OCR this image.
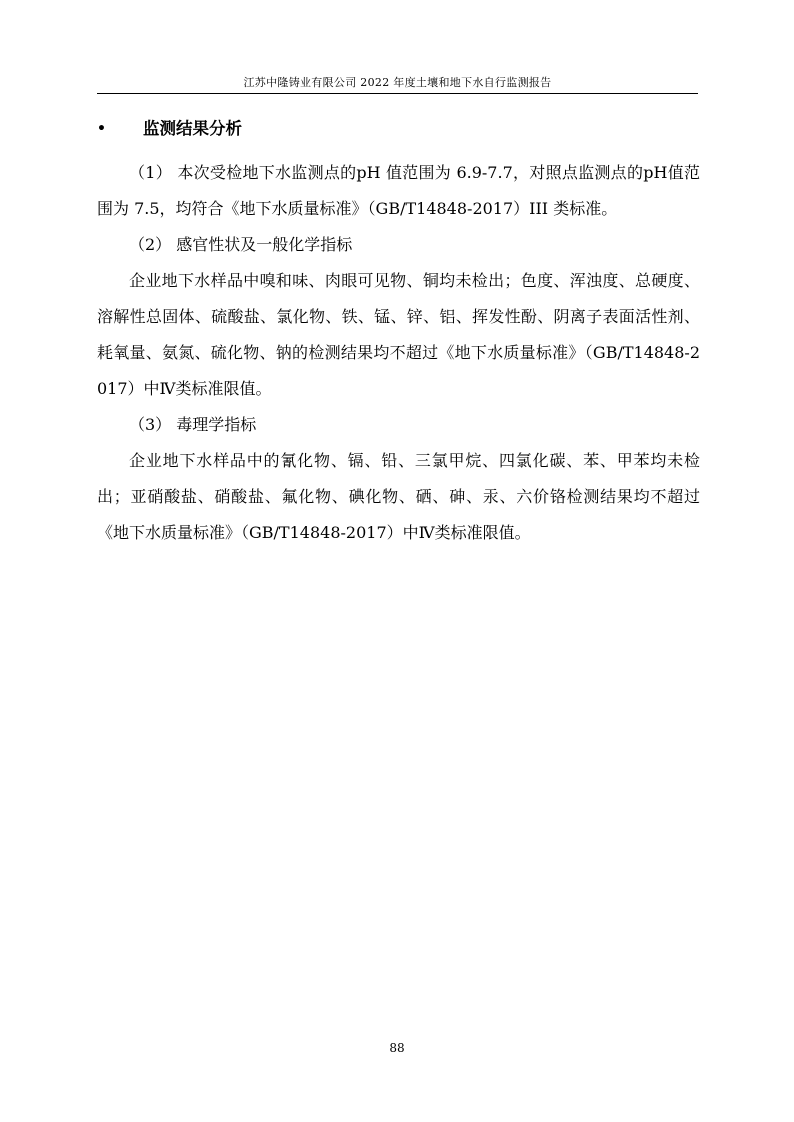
江苏中隆铸业有限公司 2022 年度土壤和地下水自行监测报告
•	监测结果分析

（1） 本次受检地下水监测点的pH 值范围为 6.9-7.7，对照点监测点的pH值范围为 7.5，均符合《地下水质量标准》（GB/T14848-2017）III 类标准。

（2） 感官性状及一般化学指标

企业地下水样品中嗅和味、肉眼可见物、铜均未检出；色度、浑浊度、总硬度、溶解性总固体、硫酸盐、氯化物、铁、锰、锌、铝、挥发性酚、阴离子表面活性剂、耗氧量、氨氮、硫化物、钠的检测结果均不超过《地下水质量标准》（GB/T14848-2017）中Ⅳ类标准限值。

（3） 毒理学指标

企业地下水样品中的氰化物、镉、铅、三氯甲烷、四氯化碳、苯、甲苯均未检出；亚硝酸盐、硝酸盐、氟化物、碘化物、硒、砷、汞、六价铬检测结果均不超过《地下水质量标准》（GB/T14848-2017）中Ⅳ类标准限值。

88
